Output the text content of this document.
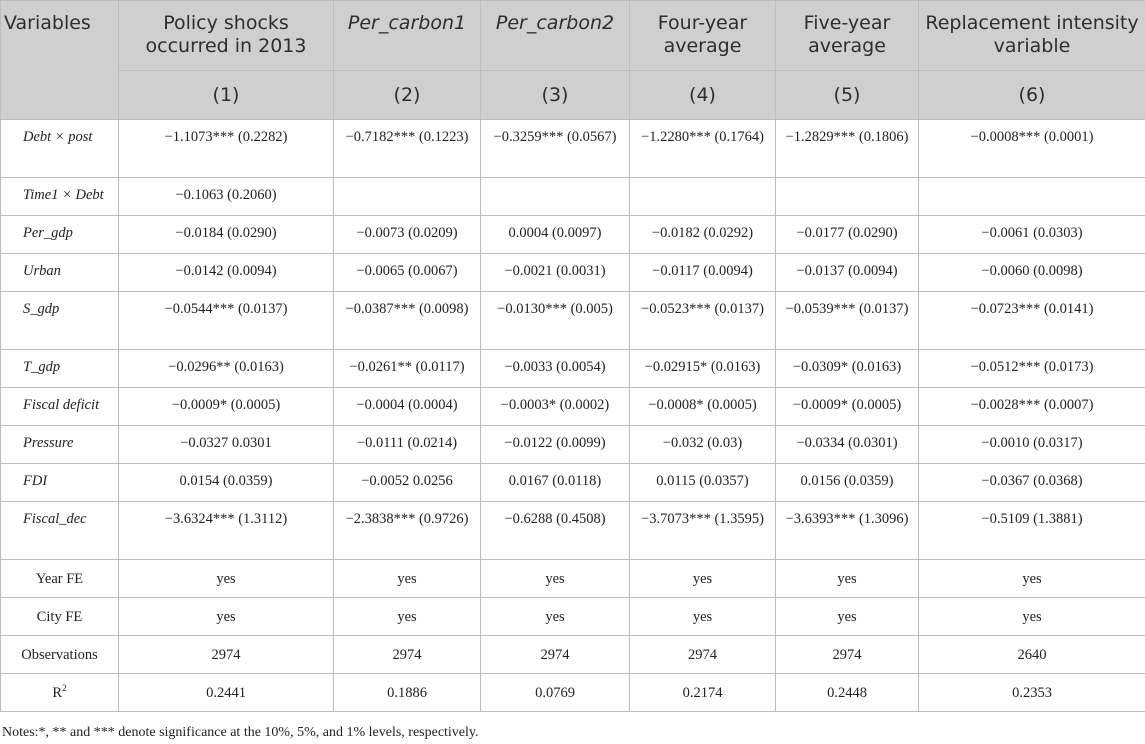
Variables	Policy shocks occurred in 2013	Per_carbon1	Per_carbon2	Four-year average	Five-year average	Replacement intensity variable
	(1)	(2)	(3)	(4)	(5)	(6)
Debt × post	−1.1073*** (0.2282)	−0.7182*** (0.1223)	−0.3259*** (0.0567)	−1.2280*** (0.1764)	−1.2829*** (0.1806)	−0.0008*** (0.0001)
Time1 × Debt	−0.1063 (0.2060)					
Per_gdp	−0.0184 (0.0290)	−0.0073 (0.0209)	0.0004 (0.0097)	−0.0182 (0.0292)	−0.0177 (0.0290)	−0.0061 (0.0303)
Urban	−0.0142 (0.0094)	−0.0065 (0.0067)	−0.0021 (0.0031)	−0.0117 (0.0094)	−0.0137 (0.0094)	−0.0060 (0.0098)
S_gdp	−0.0544*** (0.0137)	−0.0387*** (0.0098)	−0.0130*** (0.005)	−0.0523*** (0.0137)	−0.0539*** (0.0137)	−0.0723*** (0.0141)
T_gdp	−0.0296** (0.0163)	−0.0261** (0.0117)	−0.0033 (0.0054)	−0.02915* (0.0163)	−0.0309* (0.0163)	−0.0512*** (0.0173)
Fiscal deficit	−0.0009* (0.0005)	−0.0004 (0.0004)	−0.0003* (0.0002)	−0.0008* (0.0005)	−0.0009* (0.0005)	−0.0028*** (0.0007)
Pressure	−0.0327 0.0301	−0.0111 (0.0214)	−0.0122 (0.0099)	−0.032 (0.03)	−0.0334 (0.0301)	−0.0010 (0.0317)
FDI	0.0154 (0.0359)	−0.0052 0.0256	0.0167 (0.0118)	0.0115 (0.0357)	0.0156 (0.0359)	−0.0367 (0.0368)
Fiscal_dec	−3.6324*** (1.3112)	−2.3838*** (0.9726)	−0.6288 (0.4508)	−3.7073*** (1.3595)	−3.6393*** (1.3096)	−0.5109 (1.3881)
Year FE	yes	yes	yes	yes	yes	yes
City FE	yes	yes	yes	yes	yes	yes
Observations	2974	2974	2974	2974	2974	2640
$R^2$	0.2441	0.1886	0.0769	0.2174	0.2448	0.2353
Notes:*, ** and *** denote significance at the 10%, 5%, and 1% levels, respectively.
